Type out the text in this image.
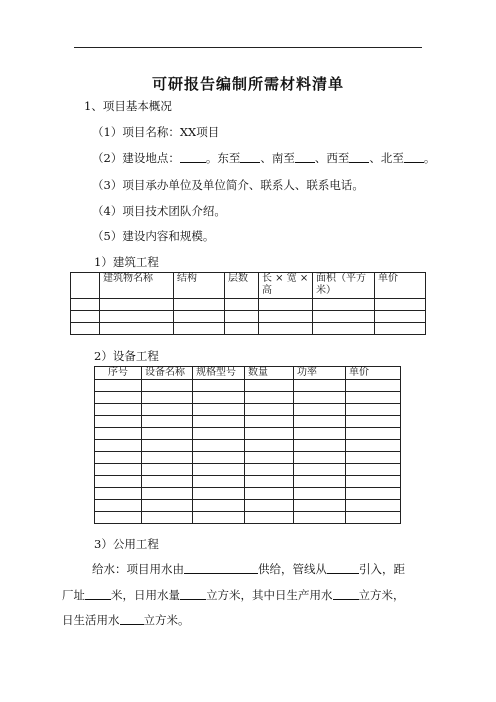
可研报告编制所需材料清单
1、项目基本概况
（1）项目名称：XX项目
（2）建设地点： 。东至 、南至 、西至 、北至 。
（3）项目承办单位及单位简介、联系人、联系电话。
（4）项目技术团队介绍。
（5）建设内容和规模。
1）建筑工程
	建筑物名称	结构	层数	长 × 宽 × 高	面积（平方米）	单价

2）设备工程
序号	设备名称	规格型号	数量	功率	单价

3）公用工程
给水：项目用水由	供给，管线从	引入，距
厂址 米，日用水量 立方米，其中日生产用水 立方米，
日生活用水 立方米。
